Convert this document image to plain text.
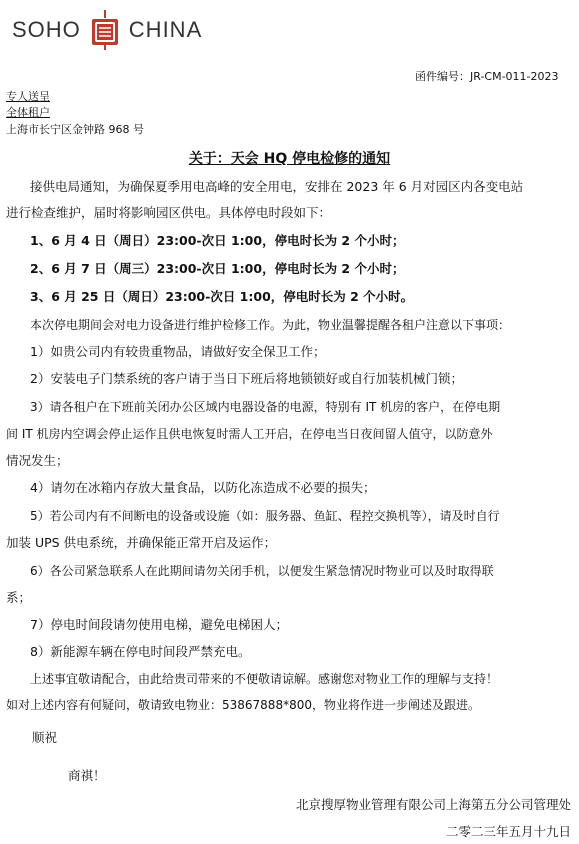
SOHO CHINA
函件编号：JR-CM-011-2023
专人送呈
全体租户
上海市长宁区金钟路 968 号
关于：天会 HQ 停电检修的通知
接供电局通知，为确保夏季用电高峰的安全用电，安排在 2023 年 6 月对园区内各变电站
进行检查维护，届时将影响园区供电。具体停电时段如下：
1、6 月 4 日（周日）23:00-次日 1:00，停电时长为 2 个小时；
2、6 月 7 日（周三）23:00-次日 1:00，停电时长为 2 个小时；
3、6 月 25 日（周日）23:00-次日 1:00，停电时长为 2 个小时。
本次停电期间会对电力设备进行维护检修工作。为此，物业温馨提醒各租户注意以下事项：
1）如贵公司内有较贵重物品，请做好安全保卫工作；
2）安装电子门禁系统的客户请于当日下班后将地锁锁好或自行加装机械门锁；
3）请各租户在下班前关闭办公区域内电器设备的电源，特别有 IT 机房的客户，在停电期
间 IT 机房内空调会停止运作且供电恢复时需人工开启，在停电当日夜间留人值守，以防意外
情况发生；
4）请勿在冰箱内存放大量食品，以防化冻造成不必要的损失；
5）若公司内有不间断电的设备或设施（如：服务器、鱼缸、程控交换机等），请及时自行
加装 UPS 供电系统，并确保能正常开启及运作；
6）各公司紧急联系人在此期间请勿关闭手机，以便发生紧急情况时物业可以及时取得联
系；
7）停电时间段请勿使用电梯，避免电梯困人；
8）新能源车辆在停电时间段严禁充电。
上述事宜敬请配合，由此给贵司带来的不便敬请谅解。感谢您对物业工作的理解与支持！
如对上述内容有何疑问，敬请致电物业：53867888*800，物业将作进一步阐述及跟进。
顺祝
商祺！
北京搜厚物业管理有限公司上海第五分公司管理处
二零二三年五月十九日
